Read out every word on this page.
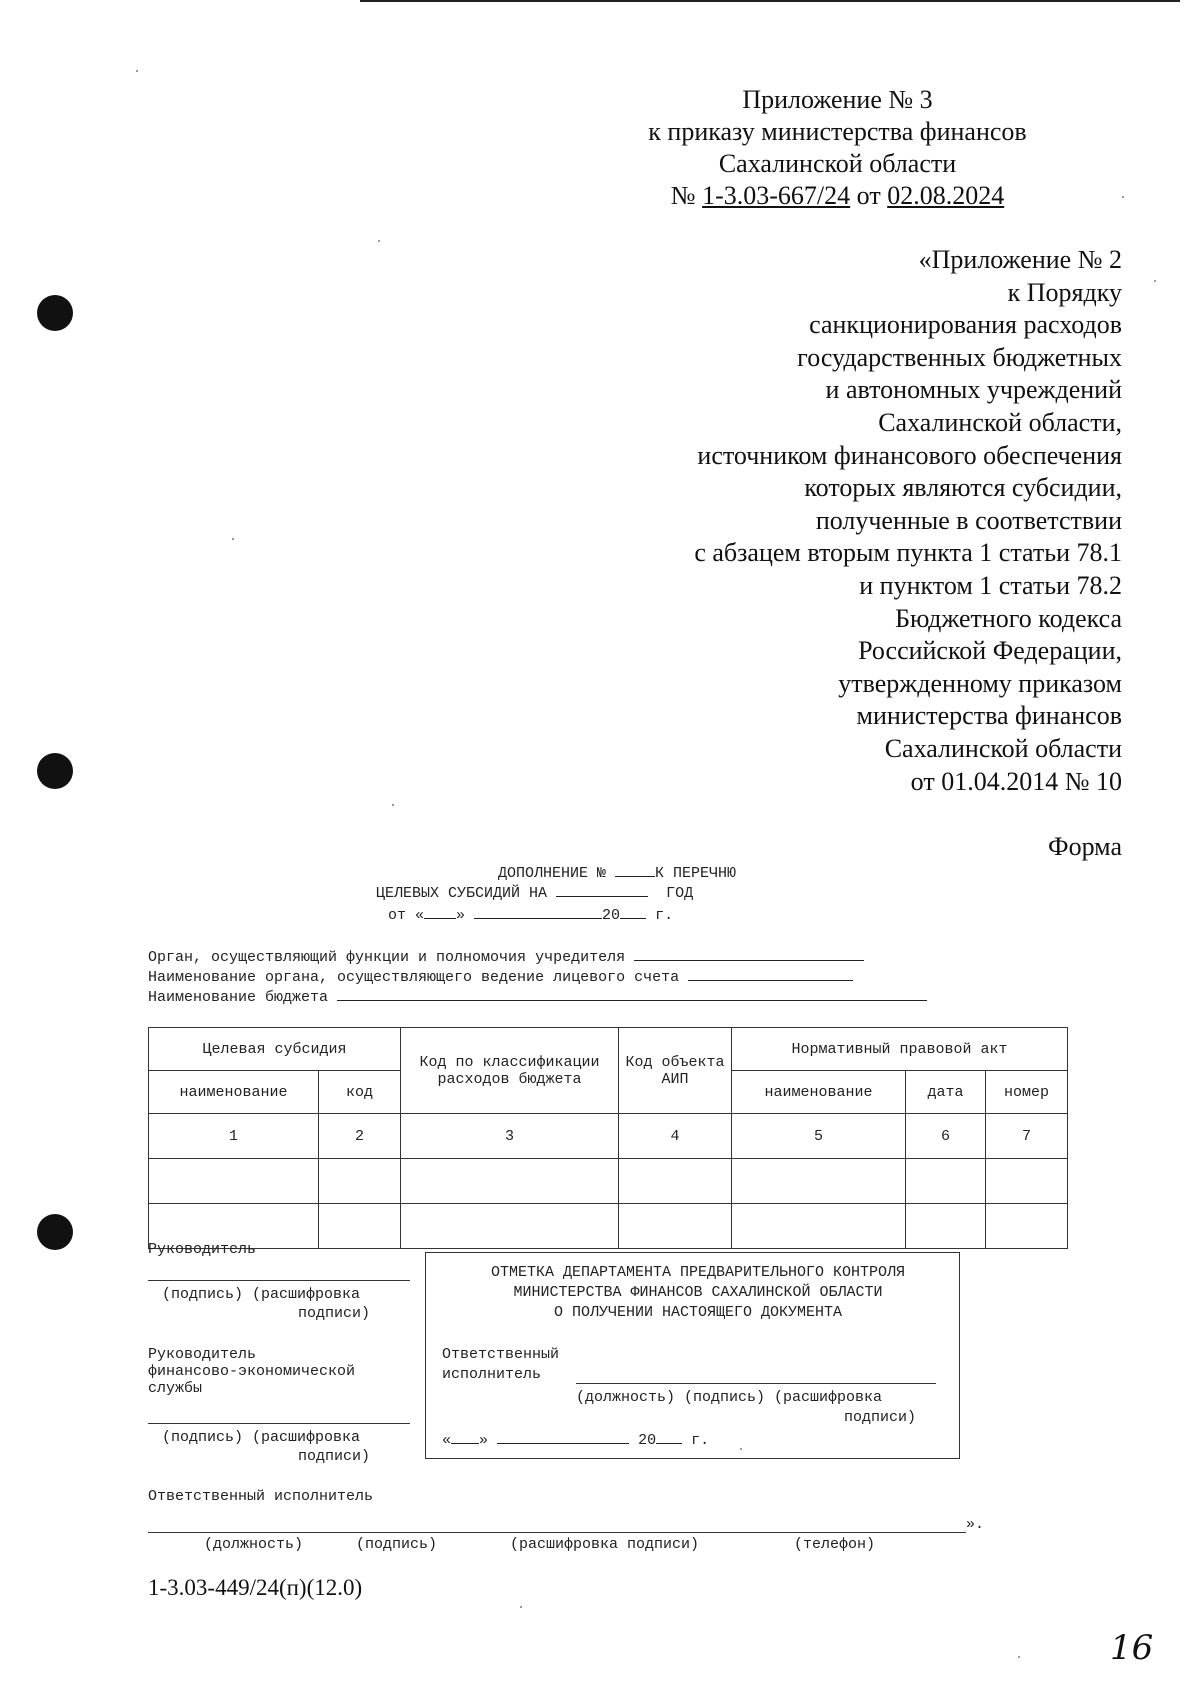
Приложение № 3
к приказу министерства финансов
Сахалинской области
№ 1-3.03-667/24 от 02.08.2024
«Приложение № 2
к Порядку
санкционирования расходов
государственных бюджетных
и автономных учреждений
Сахалинской области,
источником финансового обеспечения
которых являются субсидии,
полученные в соответствии
с абзацем вторым пункта 1 статьи 78.1
и пунктом 1 статьи 78.2
Бюджетного кодекса
Российской Федерации,
утвержденному приказом
министерства финансов
Сахалинской области
от 01.04.2014 № 10
Форма
ДОПОЛНЕНИЕ №	К ПЕРЕЧНЮ
ЦЕЛЕВЫХ СУБСИДИЙ НА	ГОД
от « »	20 г.
Орган, осуществляющий функции и полномочия учредителя
Наименование органа, осуществляющего ведение лицевого счета
Наименование бюджета
Целевая субсидия		Код по классификации расходов бюджета	Код объекта АИП	Нормативный правовой акт		
наименование	код			наименование	дата	номер
1	2	3	4	5	6	7

Руководитель
(подпись) (расшифровка
подписи)
Руководитель
финансово-экономической
службы
(подпись) (расшифровка
подписи)
ОТМЕТКА ДЕПАРТАМЕНТА ПРЕДВАРИТЕЛЬНОГО КОНТРОЛЯ
МИНИСТЕРСТВА ФИНАНСОВ САХАЛИНСКОЙ ОБЛАСТИ
О ПОЛУЧЕНИИ НАСТОЯЩЕГО ДОКУМЕНТА
Ответственный
исполнитель
(должность) (подпись) (расшифровка
подписи)
« »	20 г.
Ответственный исполнитель
».
(должность)	(подпись)	(расшифровка подписи)	(телефон)
1-3.03-449/24(п)(12.0)
16
